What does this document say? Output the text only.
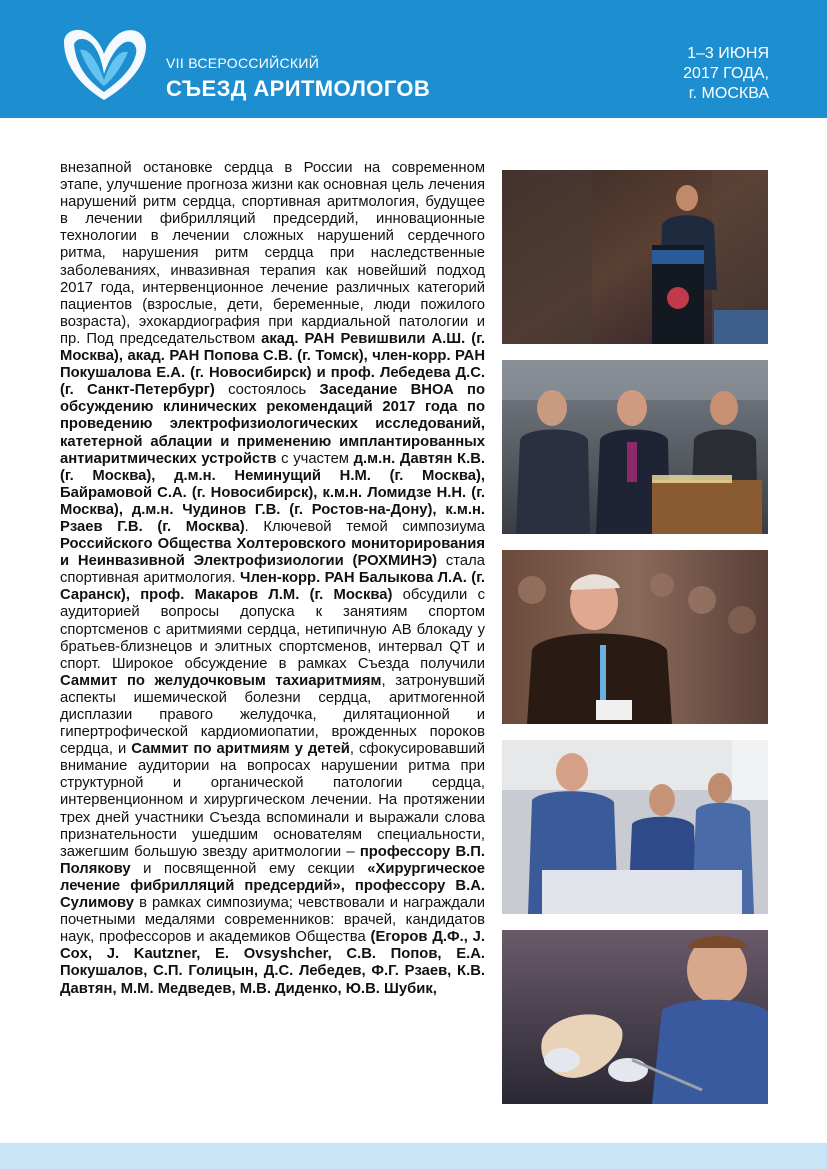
VII ВСЕРОССИЙСКИЙ
СЪЕЗД АРИТМОЛОГОВ
1–3 ИЮНЯ
2017 ГОДА,
г. МОСКВА
внезапной остановке сердца в России на современном этапе, улучшение прогноза жизни как основная цель лечения нарушений ритм сердца, спортивная аритмология, будущее в лечении фибрилляций предсердий, инновационные технологии в лечении сложных нарушений сердечного ритма, нарушения ритм сердца при наследственные заболеваниях, инвазивная терапия как новейший подход 2017 года, интервенционное лечение различных категорий пациентов (взрослые, дети, беременные, люди пожилого возраста), эхокардиография при кардиальной патологии и пр. Под председательством акад. РАН Ревишвили А.Ш. (г. Москва), акад. РАН Попова С.В. (г. Томск), член-корр. РАН Покушалова Е.А. (г. Новосибирск) и проф. Лебедева Д.С. (г. Санкт-Петербург) состоялось Заседание ВНОА по обсуждению клинических рекомендаций 2017 года по проведению электрофизиологических исследований, катетерной аблации и применению имплантированных антиаритмических устройств с участем д.м.н. Давтян К.В. (г. Москва), д.м.н. Неминущий Н.М. (г. Москва), Байрамовой С.А. (г. Новосибирск), к.м.н. Ломидзе Н.Н. (г. Москва), д.м.н. Чудинов Г.В. (г. Ростов-на-Дону), к.м.н. Рзаев Г.В. (г. Москва). Ключевой темой симпозиума Российского Общества Холтеровского мониторирования и Неинвазивной Электрофизиологии (РОХМИНЭ) стала спортивная аритмология. Член-корр. РАН Балыкова Л.А. (г. Саранск), проф. Макаров Л.М. (г. Москва) обсудили с аудиторией вопросы допуска к занятиям спортом спортсменов с аритмиями сердца, нетипичную АВ блокаду у братьев-близнецов и элитных спортсменов, интервал QT и спорт. Широкое обсуждение в рамках Съезда получили Саммит по желудочковым тахиаритмиям, затронувший аспекты ишемической болезни сердца, аритмогенной дисплазии правого желудочка, дилятационной и гипертрофической кардиомиопатии, врожденных пороков сердца, и Саммит по аритмиям у детей, сфокусировавший внимание аудитории на вопросах нарушении ритма при структурной и органической патологии сердца, интервенционном и хирургическом лечении. На протяжении трех дней участники Съезда вспоминали и выражали слова признательности ушедшим основателям специальности, зажегшим большую звезду аритмологии – профессору В.П. Полякову и посвященной ему секции «Хирургическое лечение фибрилляций предсердий», профессору В.А. Сулимову в рамках симпозиума; чевствовали и награждали почетными медалями современников: врачей, кандидатов наук, профессоров и академиков Общества (Егоров Д.Ф., J. Cox, J. Kautzner, E. Ovsyshcher, С.В. Попов, Е.А. Покушалов, С.П. Голицын, Д.С. Лебедев, Ф.Г. Рзаев, К.В. Давтян, М.М. Медведев, М.В. Диденко, Ю.В. Шубик,
